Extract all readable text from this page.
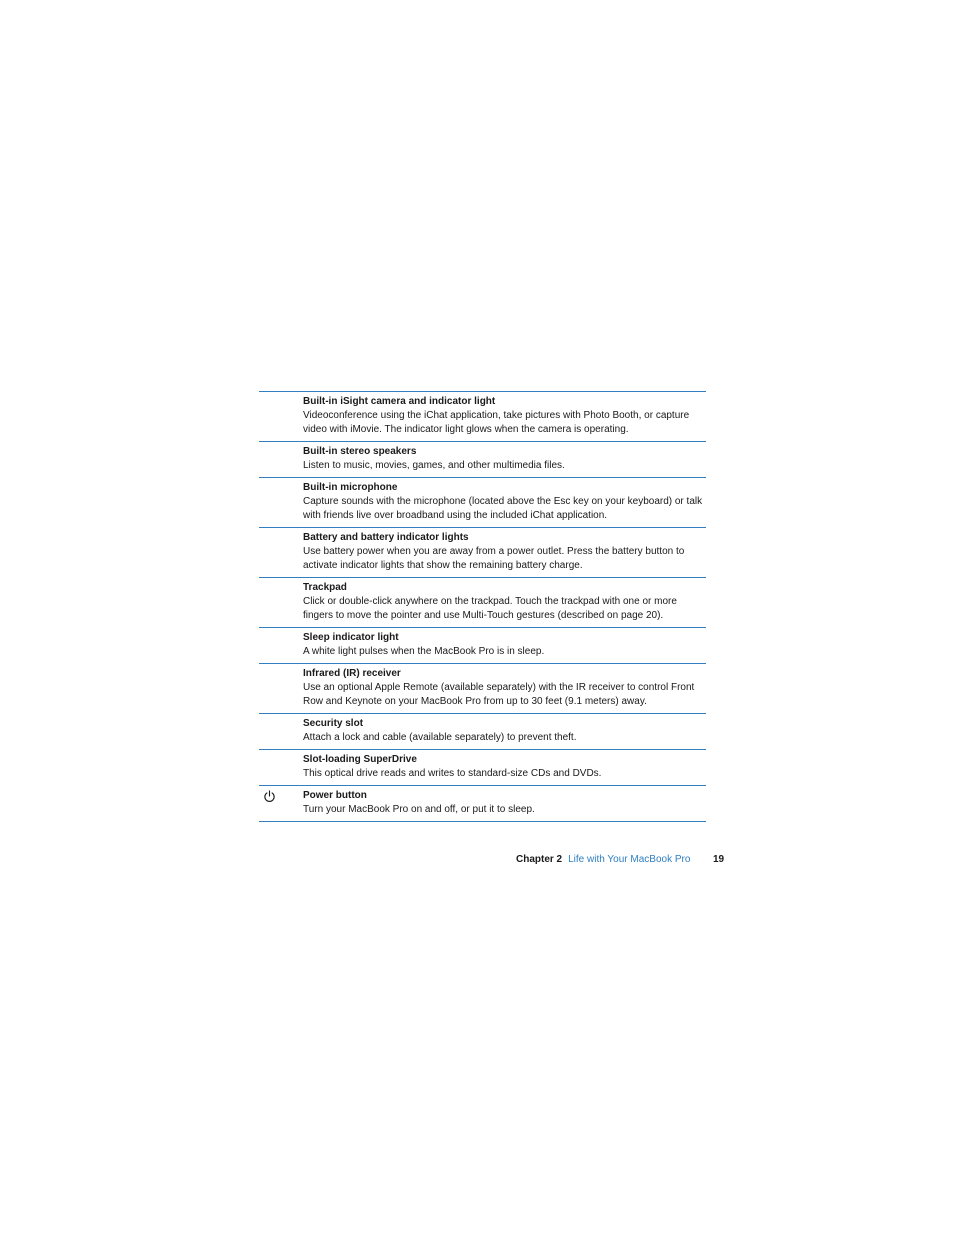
Built-in iSight camera and indicator light
Videoconference using the iChat application, take pictures with Photo Booth, or capture video with iMovie. The indicator light glows when the camera is operating.
Built-in stereo speakers
Listen to music, movies, games, and other multimedia files.
Built-in microphone
Capture sounds with the microphone (located above the Esc key on your keyboard) or talk with friends live over broadband using the included iChat application.
Battery and battery indicator lights
Use battery power when you are away from a power outlet. Press the battery button to activate indicator lights that show the remaining battery charge.
Trackpad
Click or double-click anywhere on the trackpad. Touch the trackpad with one or more fingers to move the pointer and use Multi-Touch gestures (described on page 20).
Sleep indicator light
A white light pulses when the MacBook Pro is in sleep.
Infrared (IR) receiver
Use an optional Apple Remote (available separately) with the IR receiver to control Front Row and Keynote on your MacBook Pro from up to 30 feet (9.1 meters) away.
Security slot
Attach a lock and cable (available separately) to prevent theft.
Slot-loading SuperDrive
This optical drive reads and writes to standard-size CDs and DVDs.
Power button
Turn your MacBook Pro on and off, or put it to sleep.
Chapter 2 Life with Your MacBook Pro 19
